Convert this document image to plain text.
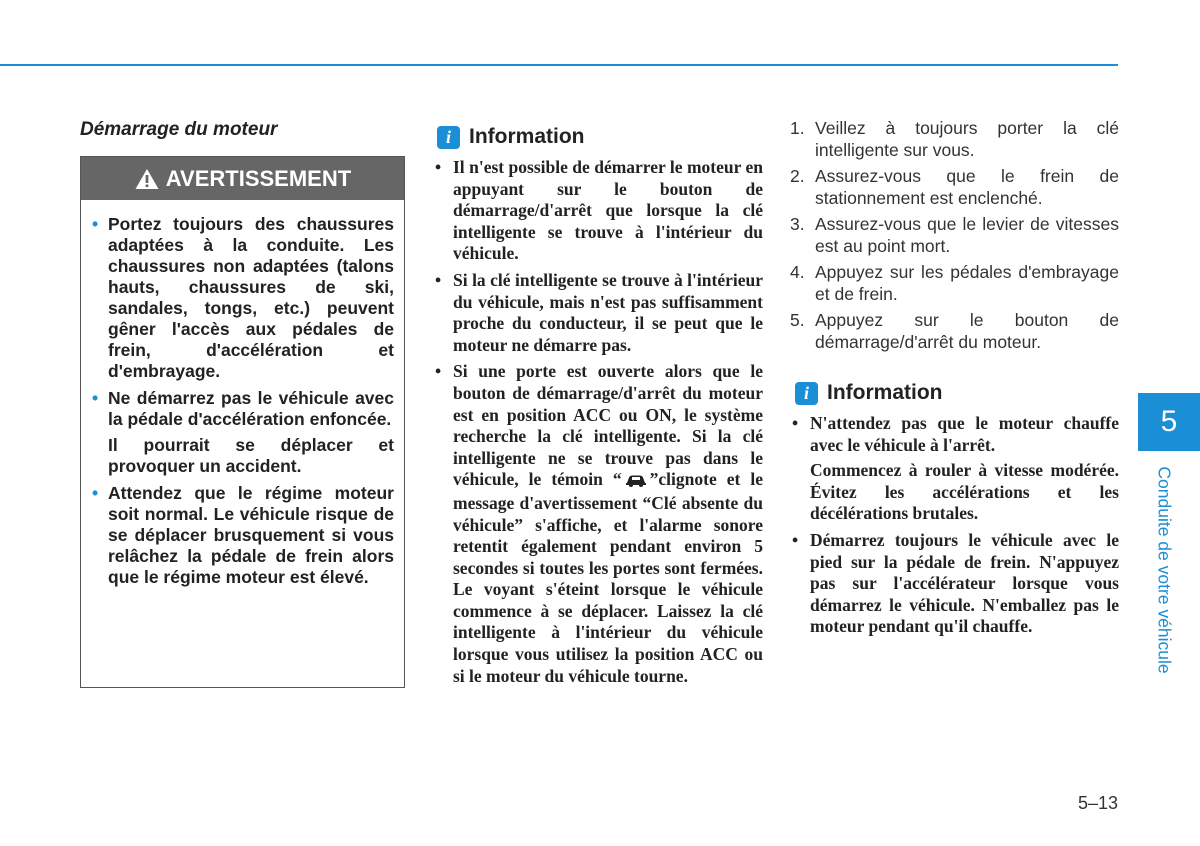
Démarrage du moteur
AVERTISSEMENT

• Portez toujours des chaussures adaptées à la conduite. Les chaussures non adaptées (talons hauts, chaussures de ski, sandales, tongs, etc.) peuvent gêner l'accès aux pédales de frein, d'accélération et d'embrayage.

• Ne démarrez pas le véhicule avec la pédale d'accélération enfoncée.

Il pourrait se déplacer et provoquer un accident.

• Attendez que le régime moteur soit normal. Le véhicule risque de se déplacer brusquement si vous relâchez la pédale de frein alors que le régime moteur est élevé.

i Information

• Il n'est possible de démarrer le moteur en appuyant sur le bouton de démarrage/d'arrêt que lorsque la clé intelligente se trouve à l'intérieur du véhicule.

• Si la clé intelligente se trouve à l'intérieur du véhicule, mais n'est pas suffisamment proche du conducteur, il se peut que le moteur ne démarre pas.

• Si une porte est ouverte alors que le bouton de démarrage/d'arrêt du moteur est en position ACC ou ON, le système recherche la clé intelligente. Si la clé intelligente ne se trouve pas dans le véhicule, le témoin “ ”clignote et le message d'avertissement “Clé absente du véhicule” s'affiche, et l'alarme sonore retentit également pendant environ 5 secondes si toutes les portes sont fermées. Le voyant s'éteint lorsque le véhicule commence à se déplacer. Laissez la clé intelligente à l'intérieur du véhicule lorsque vous utilisez la position ACC ou si le moteur du véhicule tourne.

1. Veillez à toujours porter la clé intelligente sur vous.
2. Assurez-vous que le frein de stationnement est enclenché.
3. Assurez-vous que le levier de vitesses est au point mort.
4. Appuyez sur les pédales d'embrayage et de frein.
5. Appuyez sur le bouton de démarrage/d'arrêt du moteur.
i Information

• N'attendez pas que le moteur chauffe avec le véhicule à l'arrêt.

Commencez à rouler à vitesse modérée. Évitez les accélérations et les décélérations brutales.

• Démarrez toujours le véhicule avec le pied sur la pédale de frein. N'appuyez pas sur l'accélérateur lorsque vous démarrez le véhicule. N'emballez pas le moteur pendant qu'il chauffe.

5
Conduite de votre véhicule
5–13
